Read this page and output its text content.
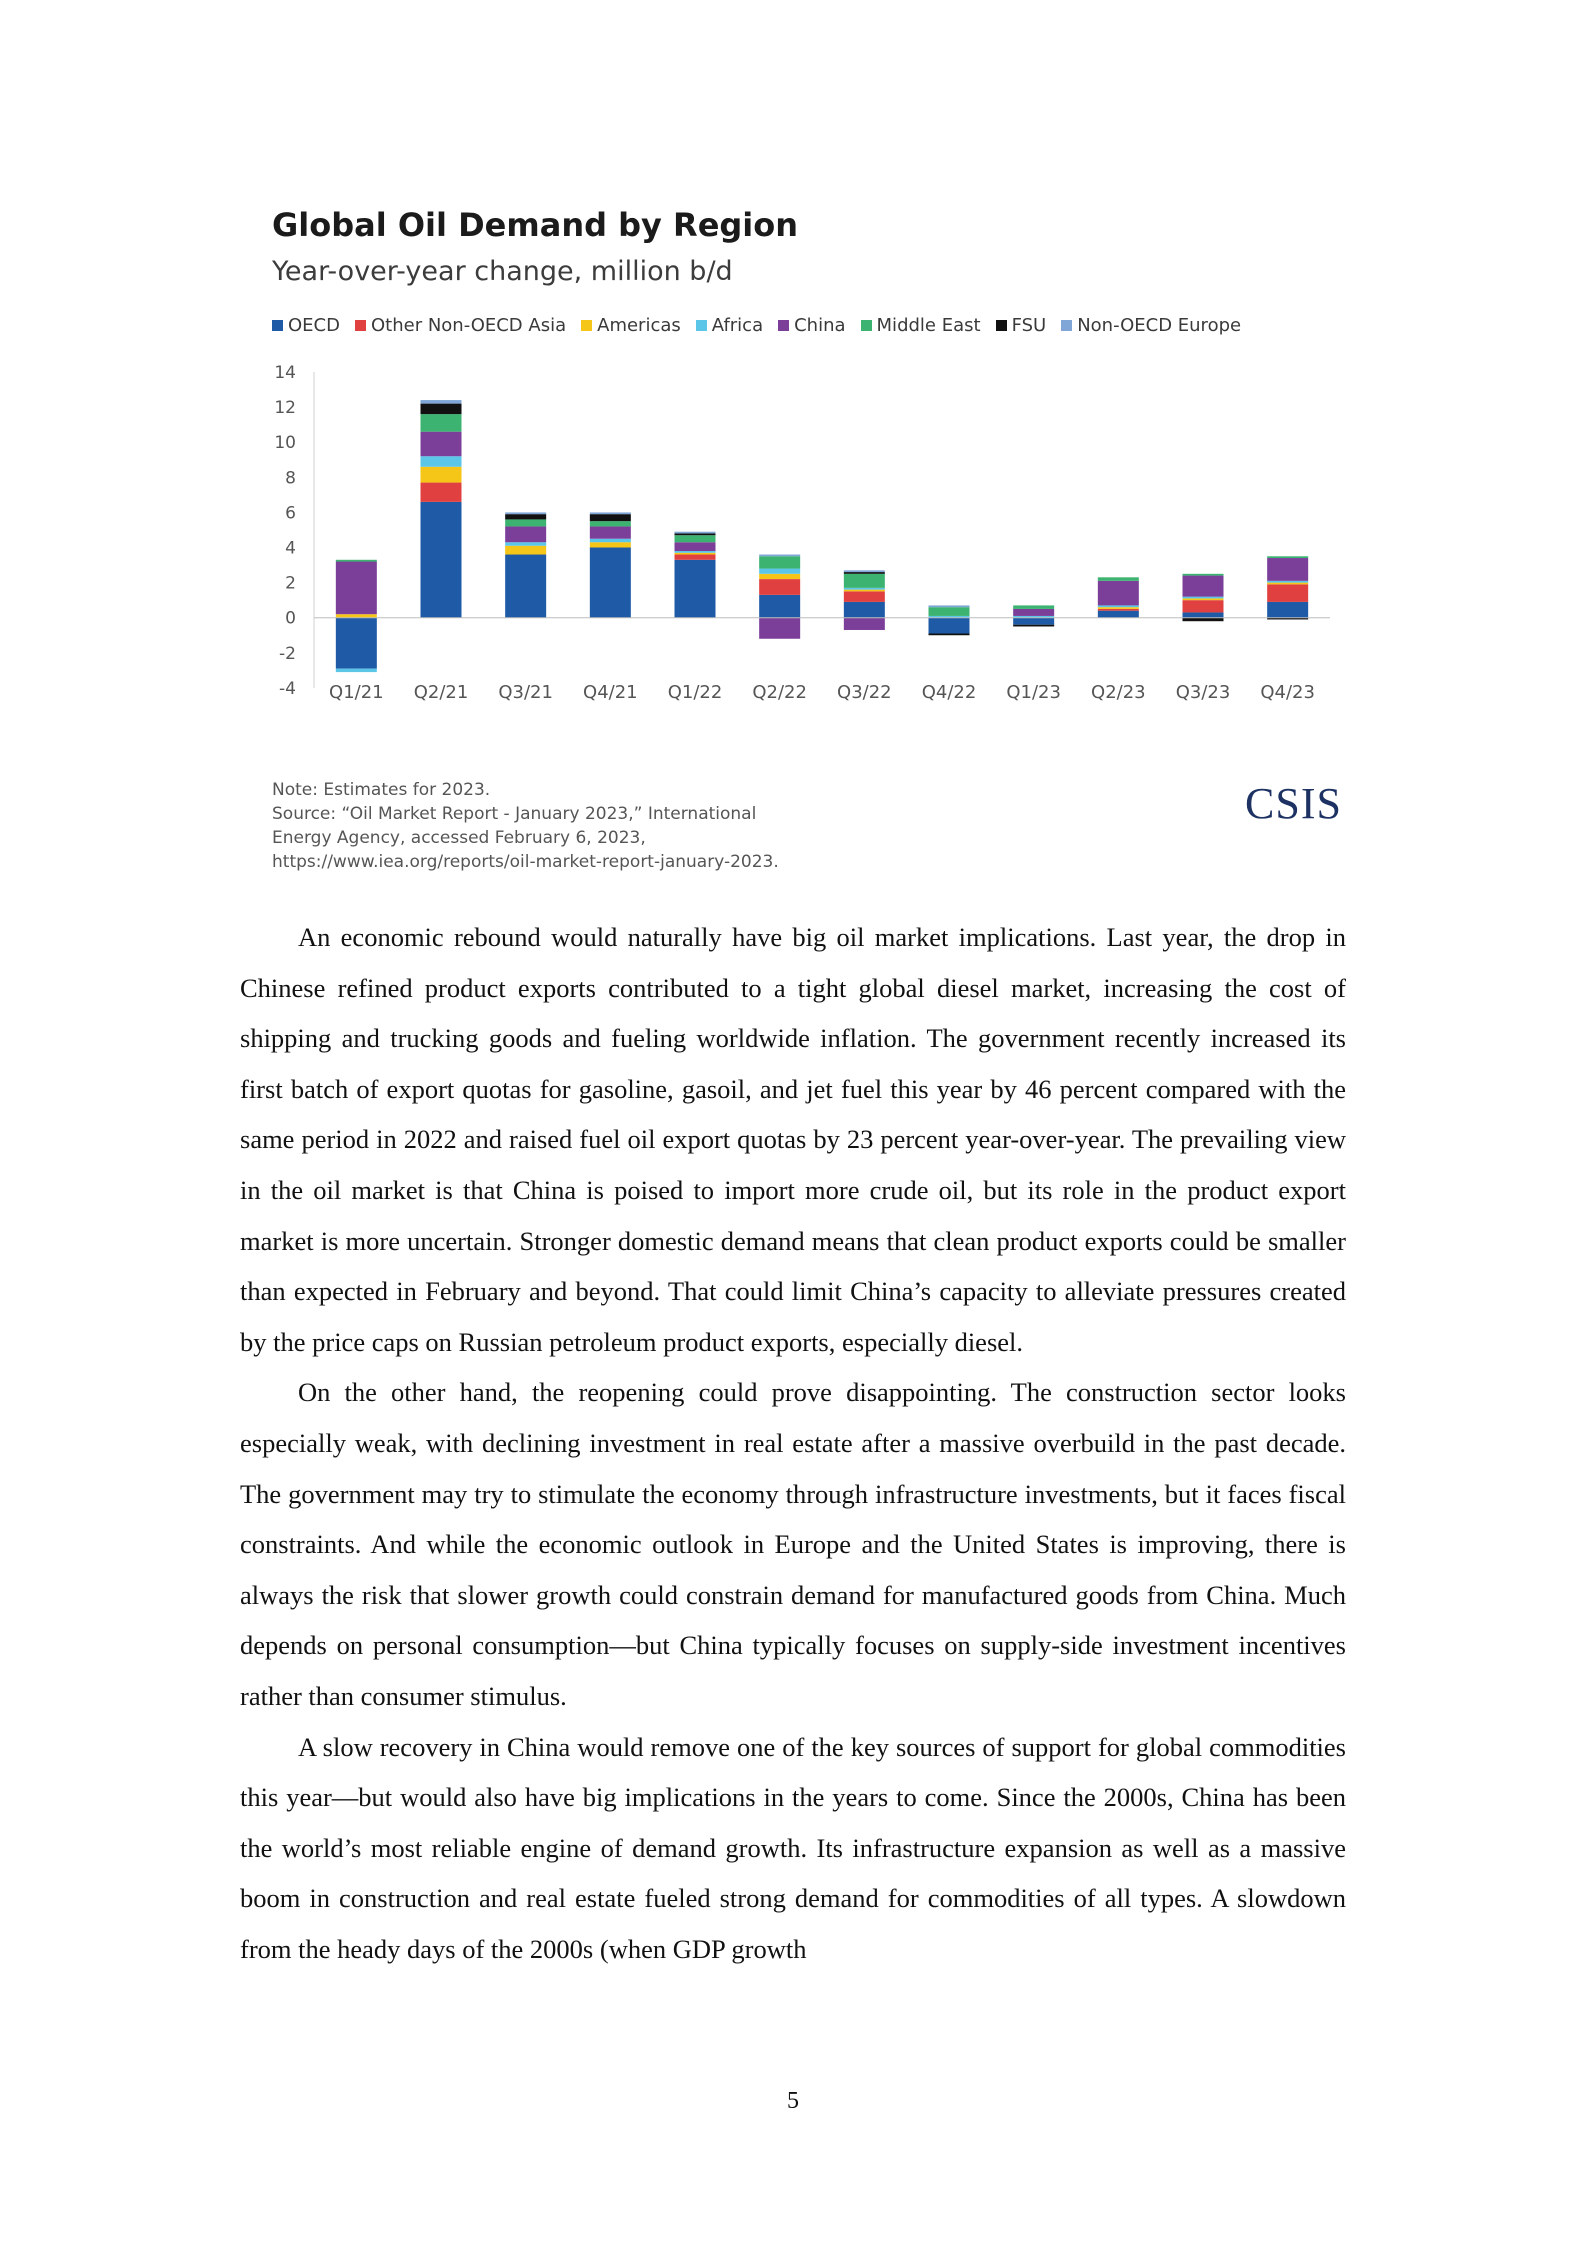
Global Oil Demand by Region
Year-over-year change, million b/d
OECD Other Non-OECD Asia Americas Africa China Middle East FSU Non-OECD Europe
14
12
10
8
6
4
2
0
-2
-4 Q1/21 Q2/21 Q3/21 Q4/21 Q1/22 Q2/22 Q3/22 Q4/22 Q1/23 Q2/23 Q3/23 Q4/23
Note: Estimates for 2023.
Source: “Oil Market Report - January 2023,” International
Energy Agency, accessed February 6, 2023,
https://www.iea.org/reports/oil-market-report-january-2023.
CSIS

An economic rebound would naturally have big oil market implications. Last year, the drop in Chinese refined product exports contributed to a tight global diesel market, increasing the cost of shipping and trucking goods and fueling worldwide inflation. The government recently increased its first batch of export quotas for gasoline, gasoil, and jet fuel this year by 46 percent compared with the same period in 2022 and raised fuel oil export quotas by 23 percent year-over-year. The prevailing view in the oil market is that China is poised to import more crude oil, but its role in the product export market is more uncertain. Stronger domestic demand means that clean product exports could be smaller than expected in February and beyond. That could limit China’s capacity to alleviate pressures created by the price caps on Russian petroleum product exports, especially diesel.

On the other hand, the reopening could prove disappointing. The construction sector looks especially weak, with declining investment in real estate after a massive overbuild in the past decade. The government may try to stimulate the economy through infrastructure investments, but it faces fiscal constraints. And while the economic outlook in Europe and the United States is improving, there is always the risk that slower growth could constrain demand for manufactured goods from China. Much depends on personal consumption—but China typically focuses on supply-side investment incentives rather than consumer stimulus.

A slow recovery in China would remove one of the key sources of support for global commodities this year—but would also have big implications in the years to come. Since the 2000s, China has been the world’s most reliable engine of demand growth. Its infrastructure expansion as well as a massive boom in construction and real estate fueled strong demand for commodities of all types. A slowdown from the heady days of the 2000s (when GDP growth

5
